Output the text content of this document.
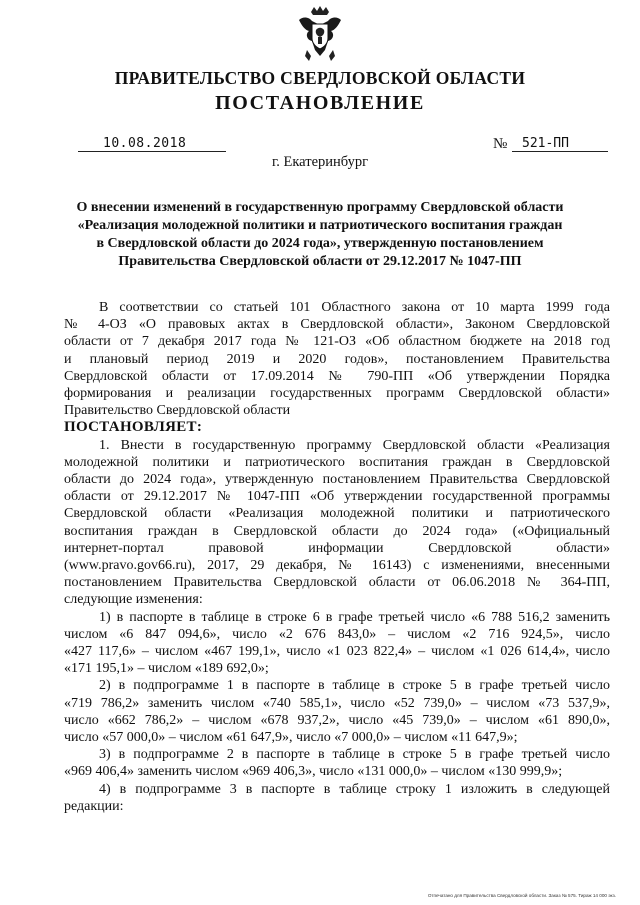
ПРАВИТЕЛЬСТВО СВЕРДЛОВСКОЙ ОБЛАСТИ
ПОСТАНОВЛЕНИЕ
10.08.2018	№ 521-ПП
г. Екатеринбург
О внесении изменений в государственную программу Свердловской области
«Реализация молодежной политики и патриотического воспитания граждан
в Свердловской области до 2024 года», утвержденную постановлением
Правительства Свердловской области от 29.12.2017 № 1047-ПП
В соответствии со статьей 101 Областного закона от 10 марта 1999 года
№ 4-ОЗ «О правовых актах в Свердловской области», Законом Свердловской
области от 7 декабря 2017 года № 121-ОЗ «Об областном бюджете на 2018 год
и плановый период 2019 и 2020 годов», постановлением Правительства
Свердловской области от 17.09.2014 № 790-ПП «Об утверждении Порядка
формирования и реализации государственных программ Свердловской области»
Правительство Свердловской области
ПОСТАНОВЛЯЕТ:
1. Внести в государственную программу Свердловской области «Реализация
молодежной политики и патриотического воспитания граждан в Свердловской
области до 2024 года», утвержденную постановлением Правительства Свердловской
области от 29.12.2017 № 1047-ПП «Об утверждении государственной программы
Свердловской области «Реализация молодежной политики и патриотического
воспитания граждан в Свердловской области до 2024 года» («Официальный
интернет-портал правовой информации Свердловской области»
(www.pravo.gov66.ru), 2017, 29 декабря, № 16143) с изменениями, внесенными
постановлением Правительства Свердловской области от 06.06.2018 № 364-ПП,
следующие изменения:
1) в паспорте в таблице в строке 6 в графе третьей число «6 788 516,2 заменить
числом «6 847 094,6», число «2 676 843,0» – числом «2 716 924,5», число
«427 117,6» – числом «467 199,1», число «1 023 822,4» – числом «1 026 614,4», число
«171 195,1» – числом «189 692,0»;
2) в подпрограмме 1 в паспорте в таблице в строке 5 в графе третьей число
«719 786,2» заменить числом «740 585,1», число «52 739,0» – числом «73 537,9»,
число «662 786,2» – числом «678 937,2», число «45 739,0» – числом «61 890,0»,
число «57 000,0» – числом «61 647,9», число «7 000,0» – числом «11 647,9»;
3) в подпрограмме 2 в паспорте в таблице в строке 5 в графе третьей число
«969 406,4» заменить числом «969 406,3», число «131 000,0» – числом «130 999,9»;
4) в подпрограмме 3 в паспорте в таблице строку 1 изложить в следующей
редакции:
Отпечатано для Правительства Свердловской области. Заказ № 575. Тираж 14 000 экз.
